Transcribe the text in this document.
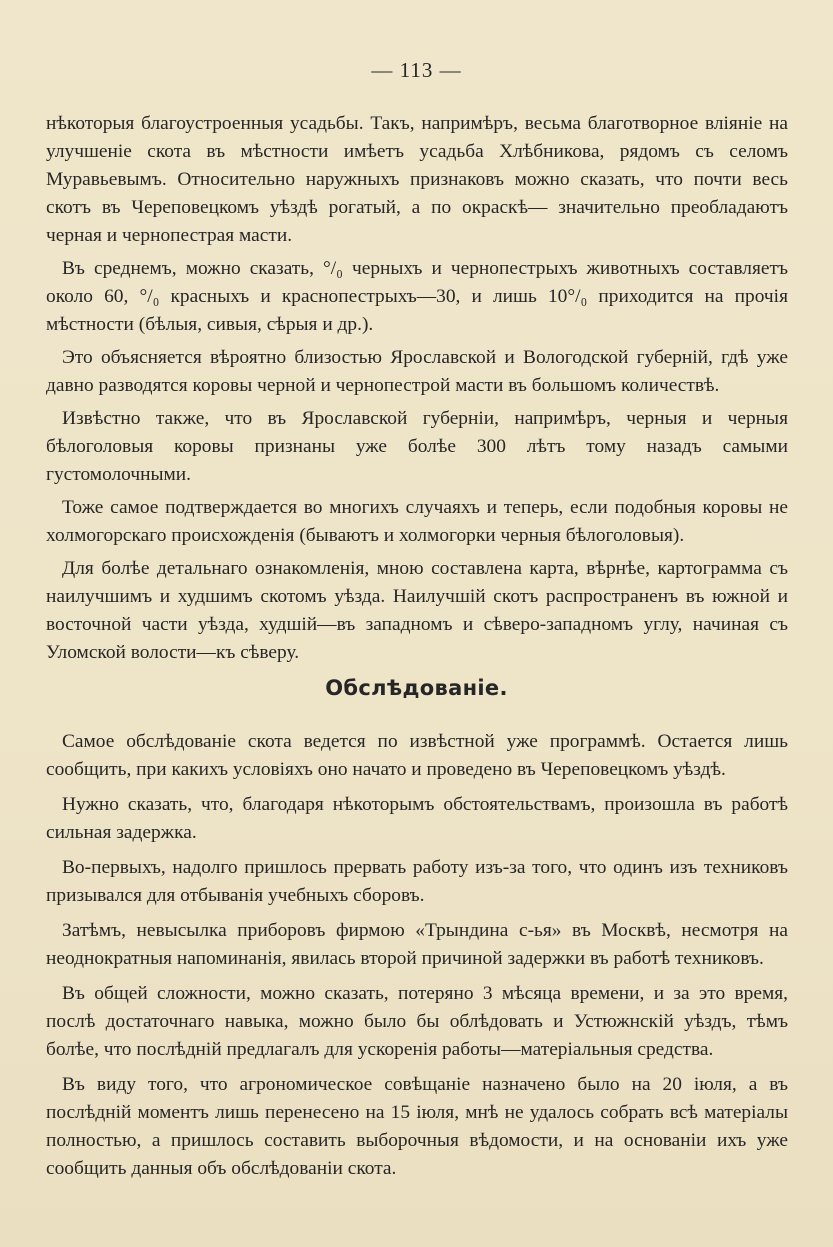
— 113 —

нѣкоторыя благоустроенныя усадьбы. Такъ, напримѣръ, весьма благотворное вліяніе на улучшеніе скота въ мѣстности имѣетъ усадьба Хлѣбникова, рядомъ съ селомъ Муравьевымъ. Относительно наружныхъ признаковъ можно сказать, что почти весь скотъ въ Череповецкомъ уѣздѣ рогатый, а по окраскѣ— значительно преобладаютъ черная и чернопестрая масти.

Въ среднемъ, можно сказать, °/₀ черныхъ и чернопестрыхъ животныхъ составляетъ около 60, °/₀ красныхъ и краснопестрыхъ—30, и лишь 10°/₀ приходится на прочія мѣстности (бѣлыя, сивыя, сѣрыя и др.).

Это объясняется вѣроятно близостью Ярославской и Вологодской губерній, гдѣ уже давно разводятся коровы черной и чернопестрой масти въ большомъ количествѣ.

Извѣстно также, что въ Ярославской губерніи, напримѣръ, черныя и черныя бѣлоголовыя коровы признаны уже болѣе 300 лѣтъ тому назадъ самыми густомолочными.

Тоже самое подтверждается во многихъ случаяхъ и теперь, если подобныя коровы не холмогорскаго происхожденія (бываютъ и холмогорки черныя бѣлоголовыя).

Для болѣе детальнаго ознакомленія, мною составлена карта, вѣрнѣе, картограмма съ наилучшимъ и худшимъ скотомъ уѣзда. Наилучшій скотъ распространенъ въ южной и восточной части уѣзда, худшій—въ западномъ и сѣверо-западномъ углу, начиная съ Уломской волости—къ сѣверу.

Обслѣдованіе.

Самое обслѣдованіе скота ведется по извѣстной уже программѣ. Остается лишь сообщить, при какихъ условіяхъ оно начато и проведено въ Череповецкомъ уѣздѣ.

Нужно сказать, что, благодаря нѣкоторымъ обстоятельствамъ, произошла въ работѣ сильная задержка.

Во-первыхъ, надолго пришлось прервать работу изъ-за того, что одинъ изъ техниковъ призывался для отбыванія учебныхъ сборовъ.

Затѣмъ, невысылка приборовъ фирмою «Трындина с-ья» въ Москвѣ, несмотря на неоднократныя напоминанія, явилась второй причиной задержки въ работѣ техниковъ.

Въ общей сложности, можно сказать, потеряно 3 мѣсяца времени, и за это время, послѣ достаточнаго навыка, можно было бы облѣдовать и Устюжнскій уѣздъ, тѣмъ болѣе, что послѣдній предлагалъ для ускоренія работы—матеріальныя средства.

Въ виду того, что агрономическое совѣщаніе назначено было на 20 іюля, а въ послѣдній моментъ лишь перенесено на 15 іюля, мнѣ не удалось собрать всѣ матеріалы полностью, а пришлось составить выборочныя вѣдомости, и на основаніи ихъ уже сообщить данныя объ обслѣдованіи скота.
